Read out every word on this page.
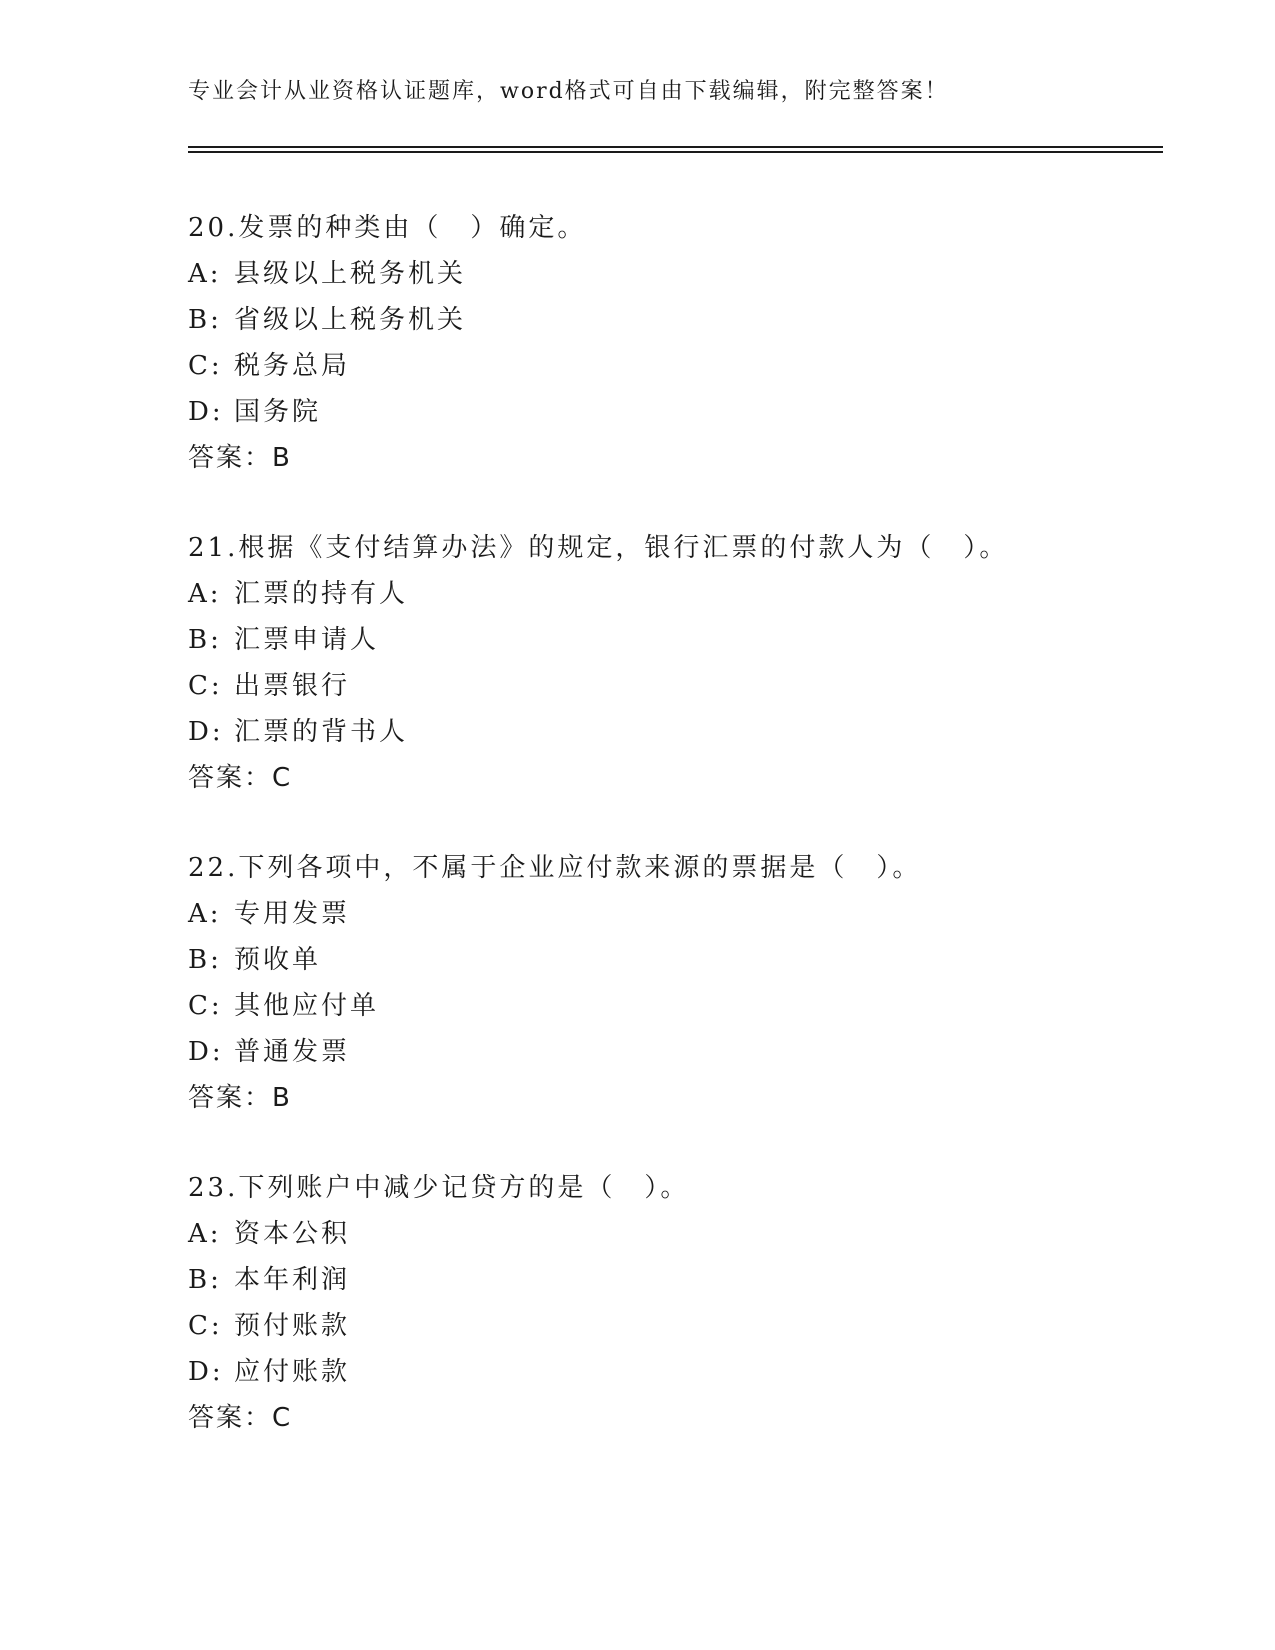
专业会计从业资格认证题库，word格式可自由下载编辑，附完整答案！
20.发票的种类由（　）确定。
A: 县级以上税务机关
B: 省级以上税务机关
C: 税务总局
D: 国务院
答案：B
21.根据《支付结算办法》的规定，银行汇票的付款人为（　）。
A: 汇票的持有人
B: 汇票申请人
C: 出票银行
D: 汇票的背书人
答案：C
22.下列各项中，不属于企业应付款来源的票据是（　）。
A: 专用发票
B: 预收单
C: 其他应付单
D: 普通发票
答案：B
23.下列账户中减少记贷方的是（　）。
A: 资本公积
B: 本年利润
C: 预付账款
D: 应付账款
答案：C
